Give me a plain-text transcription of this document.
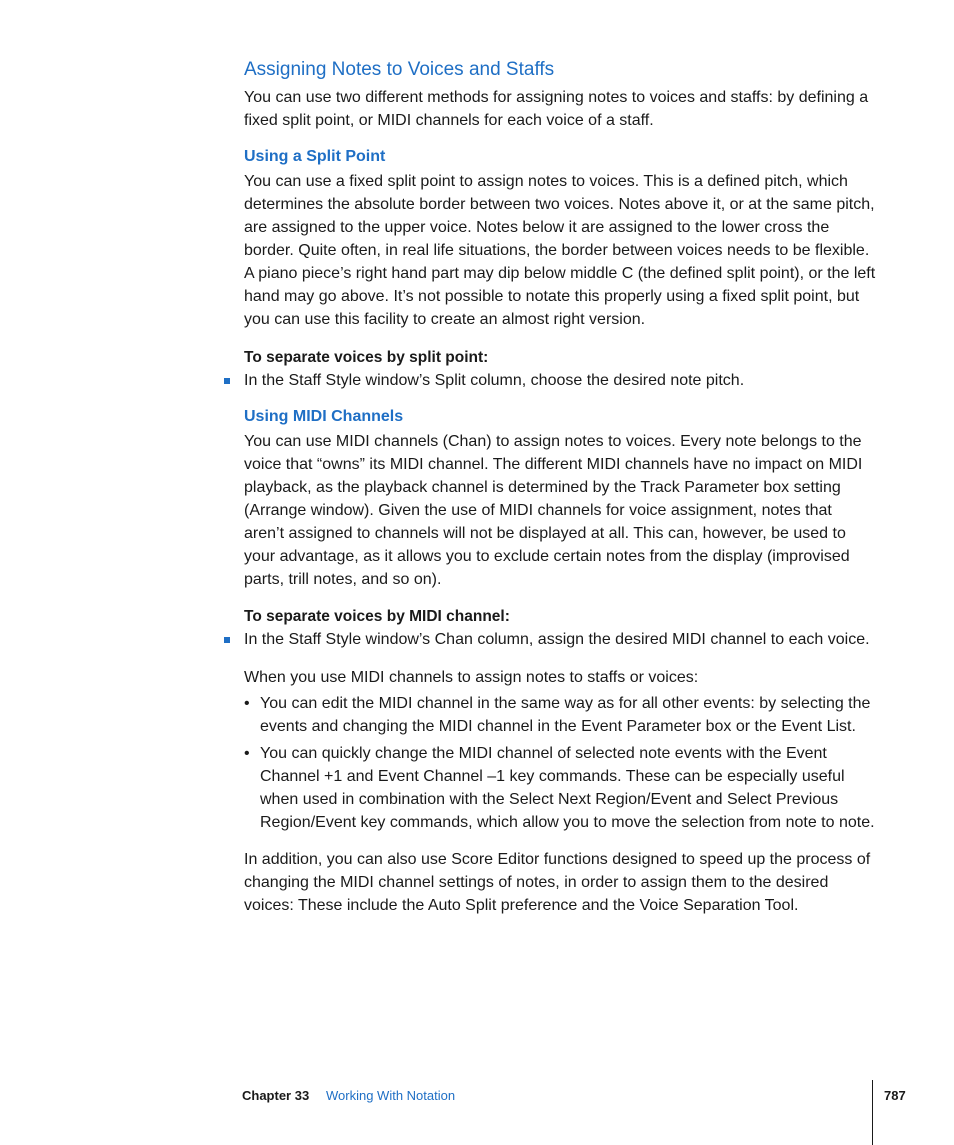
Assigning Notes to Voices and Staffs

You can use two different methods for assigning notes to voices and staffs: by defining a fixed split point, or MIDI channels for each voice of a staff.

Using a Split Point

You can use a fixed split point to assign notes to voices. This is a defined pitch, which determines the absolute border between two voices. Notes above it, or at the same pitch, are assigned to the upper voice. Notes below it are assigned to the lower cross the border. Quite often, in real life situations, the border between voices needs to be flexible. A piano piece’s right hand part may dip below middle C (the defined split point), or the left hand may go above. It’s not possible to notate this properly using a fixed split point, but you can use this facility to create an almost right version.

To separate voices by split point:

In the Staff Style window’s Split column, choose the desired note pitch.
Using MIDI Channels

You can use MIDI channels (Chan) to assign notes to voices. Every note belongs to the voice that “owns” its MIDI channel. The different MIDI channels have no impact on MIDI playback, as the playback channel is determined by the Track Parameter box setting (Arrange window). Given the use of MIDI channels for voice assignment, notes that aren’t assigned to channels will not be displayed at all. This can, however, be used to your advantage, as it allows you to exclude certain notes from the display (improvised parts, trill notes, and so on).

To separate voices by MIDI channel:

In the Staff Style window’s Chan column, assign the desired MIDI channel to each voice.

When you use MIDI channels to assign notes to staffs or voices:

• You can edit the MIDI channel in the same way as for all other events: by selecting the events and changing the MIDI channel in the Event Parameter box or the Event List.
• You can quickly change the MIDI channel of selected note events with the Event Channel +1 and Event Channel –1 key commands. These can be especially useful when used in combination with the Select Next Region/Event and Select Previous Region/Event key commands, which allow you to move the selection from note to note.

In addition, you can also use Score Editor functions designed to speed up the process of changing the MIDI channel settings of notes, in order to assign them to the desired voices: These include the Auto Split preference and the Voice Separation Tool.

Chapter 33 Working With Notation	787
